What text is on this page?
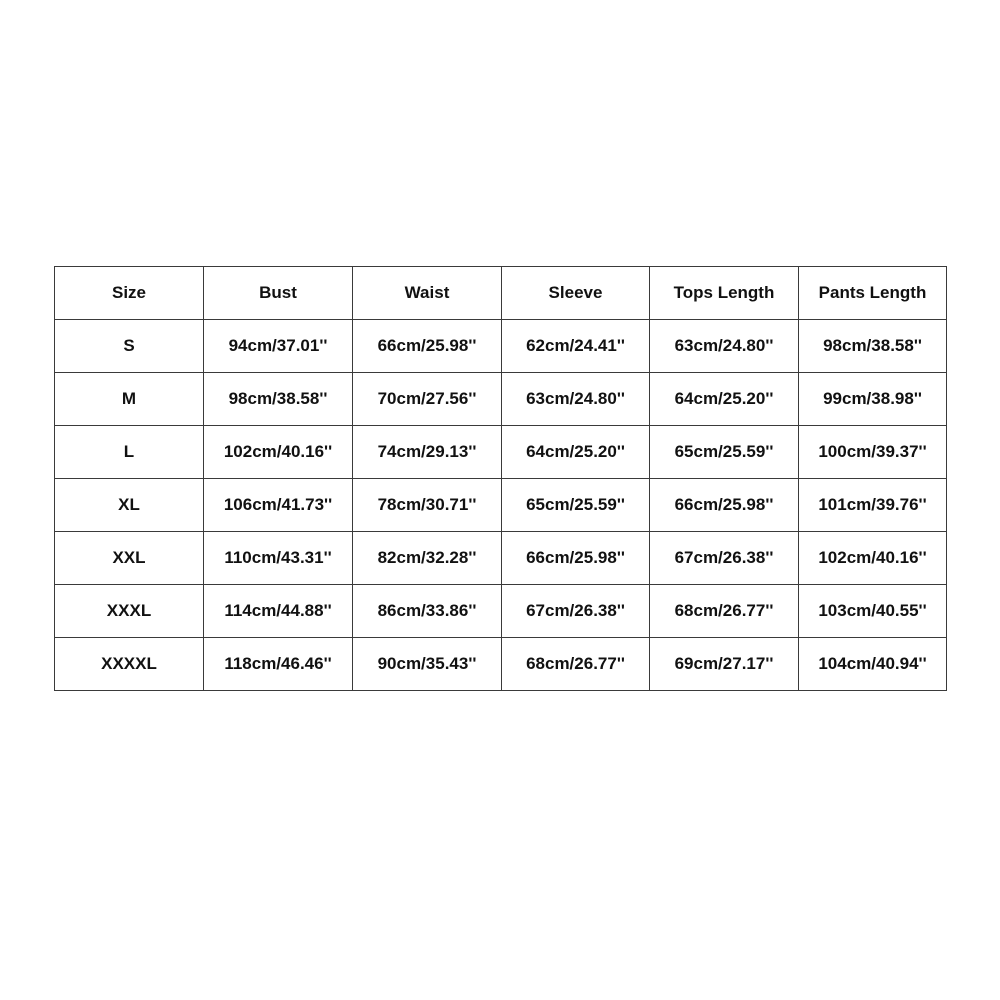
Size	Bust	Waist	Sleeve	Tops Length	Pants Length
S	94cm/37.01''	66cm/25.98''	62cm/24.41''	63cm/24.80''	98cm/38.58''
M	98cm/38.58''	70cm/27.56''	63cm/24.80''	64cm/25.20''	99cm/38.98''
L	102cm/40.16''	74cm/29.13''	64cm/25.20''	65cm/25.59''	100cm/39.37''
XL	106cm/41.73''	78cm/30.71''	65cm/25.59''	66cm/25.98''	101cm/39.76''
XXL	110cm/43.31''	82cm/32.28''	66cm/25.98''	67cm/26.38''	102cm/40.16''
XXXL	114cm/44.88''	86cm/33.86''	67cm/26.38''	68cm/26.77''	103cm/40.55''
XXXXL	118cm/46.46''	90cm/35.43''	68cm/26.77''	69cm/27.17''	104cm/40.94''
